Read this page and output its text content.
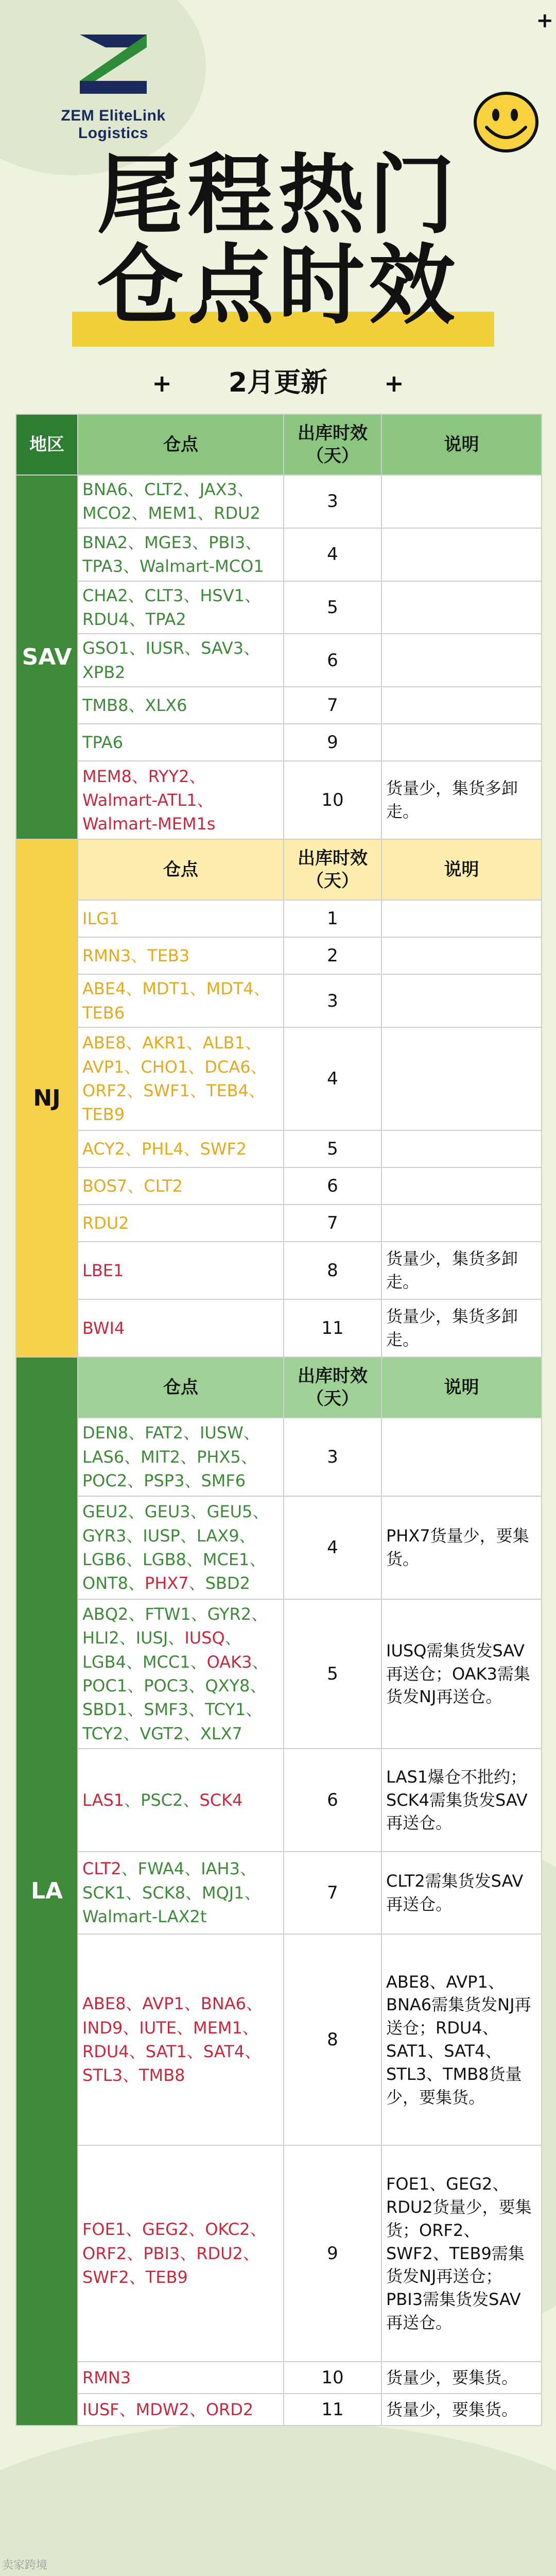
ZEM EliteLink Logistics
+
尾程热门
仓点时效
+ 2月更新 +
地区	仓点	出库时效（天）	说明
SAV	BNA6、CLT2、JAX3、MCO2、MEM1、RDU2	3	
	BNA2、MGE3、PBI3、TPA3、Walmart-MCO1	4	
	CHA2、CLT3、HSV1、RDU4、TPA2	5	
	GSO1、IUSR、SAV3、XPB2	6	
	TMB8、XLX6	7	
	TPA6	9	
	MEM8、RYY2、Walmart-ATL1、Walmart-MEM1s	10	货量少，集货多卸走。
NJ	仓点	出库时效（天）	说明
	ILG1	1	
	RMN3、TEB3	2	
	ABE4、MDT1、MDT4、TEB6	3	
	ABE8、AKR1、ALB1、AVP1、CHO1、DCA6、ORF2、SWF1、TEB4、TEB9	4	
	ACY2、PHL4、SWF2	5	
	BOS7、CLT2	6	
	RDU2	7	
	LBE1	8	货量少，集货多卸走。
	BWI4	11	货量少，集货多卸走。
LA	仓点	出库时效（天）	说明
	DEN8、FAT2、IUSW、LAS6、MIT2、PHX5、POC2、PSP3、SMF6	3	
	GEU2、GEU3、GEU5、GYR3、IUSP、LAX9、LGB6、LGB8、MCE1、ONT8、PHX7、SBD2	4	PHX7货量少，要集货。
	ABQ2、FTW1、GYR2、HLI2、IUSJ、IUSQ、LGB4、MCC1、OAK3、POC1、POC3、QXY8、SBD1、SMF3、TCY1、TCY2、VGT2、XLX7	5	IUSQ需集货发SAV再送仓；OAK3需集货发NJ再送仓。
	LAS1、PSC2、SCK4	6	LAS1爆仓不批约；SCK4需集货发SAV再送仓。
	CLT2、FWA4、IAH3、SCK1、SCK8、MQJ1、Walmart-LAX2t	7	CLT2需集货发SAV再送仓。
	ABE8、AVP1、BNA6、IND9、IUTE、MEM1、RDU4、SAT1、SAT4、STL3、TMB8	8	ABE8、AVP1、BNA6需集货发NJ再送仓；RDU4、SAT1、SAT4、STL3、TMB8货量少，要集货。
	FOE1、GEG2、OKC2、ORF2、PBI3、RDU2、SWF2、TEB9	9	FOE1、GEG2、RDU2货量少，要集货；ORF2、SWF2、TEB9需集货发NJ再送仓；PBI3需集货发SAV再送仓。
	RMN3	10	货量少，要集货。
	IUSF、MDW2、ORD2	11	货量少，要集货。
卖家跨境
